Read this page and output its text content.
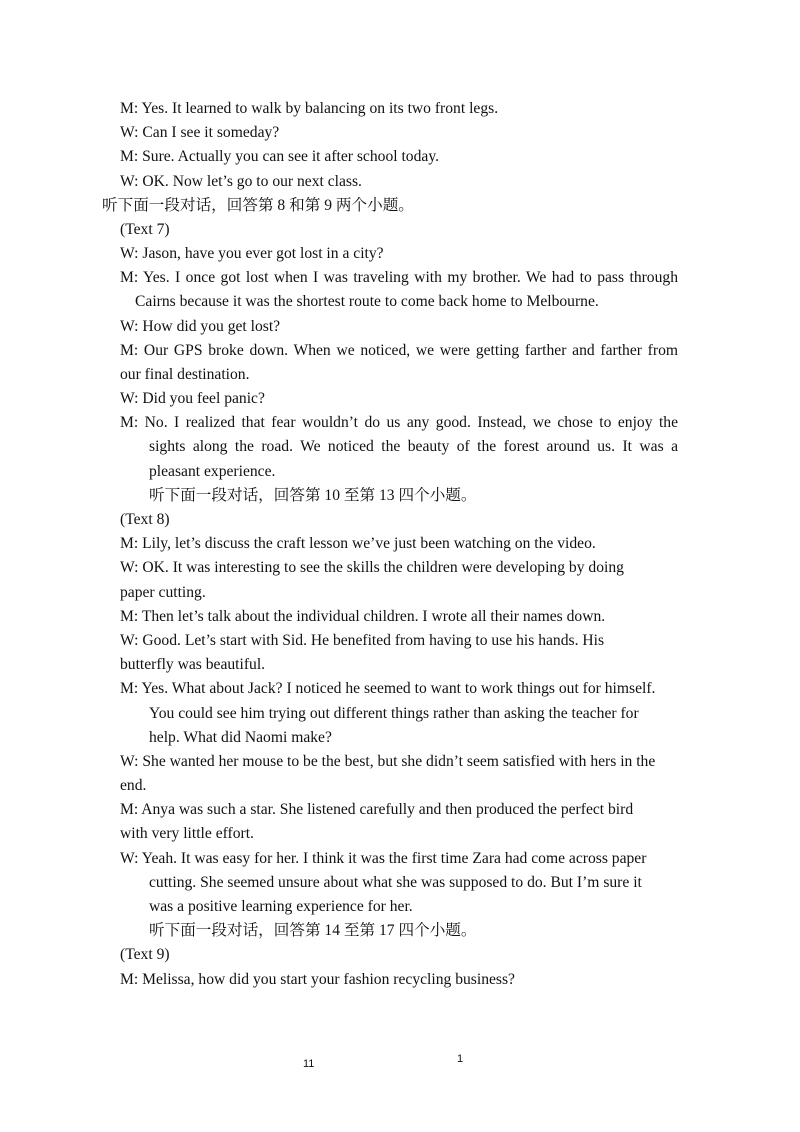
M: Yes. It learned to walk by balancing on its two front legs.
W: Can I see it someday?
M: Sure. Actually you can see it after school today.
W: OK. Now let’s go to our next class.
听下面一段对话，回答第 8 和第 9 两个小题。
(Text 7)
W: Jason, have you ever got lost in a city?
M: Yes. I once got lost when I was traveling with my brother. We had to pass through
Cairns because it was the shortest route to come back home to Melbourne.
W: How did you get lost?
M: Our GPS broke down. When we noticed, we were getting farther and farther from
our final destination.
W: Did you feel panic?
M: No. I realized that fear wouldn’t do us any good. Instead, we chose to enjoy the
sights along the road. We noticed the beauty of the forest around us. It was a
pleasant experience.
听下面一段对话，回答第 10 至第 13 四个小题。
(Text 8)
M: Lily, let’s discuss the craft lesson we’ve just been watching on the video.
W: OK. It was interesting to see the skills the children were developing by doing
paper cutting.
M: Then let’s talk about the individual children. I wrote all their names down.
W: Good. Let’s start with Sid. He benefited from having to use his hands. His
butterfly was beautiful.
M: Yes. What about Jack? I noticed he seemed to want to work things out for himself.
You could see him trying out different things rather than asking the teacher for
help. What did Naomi make?
W: She wanted her mouse to be the best, but she didn’t seem satisfied with hers in the
end.
M: Anya was such a star. She listened carefully and then produced the perfect bird
with very little effort.
W: Yeah. It was easy for her. I think it was the first time Zara had come across paper
cutting. She seemed unsure about what she was supposed to do. But I’m sure it
was a positive learning experience for her.
听下面一段对话，回答第 14 至第 17 四个小题。
(Text 9)
M: Melissa, how did you start your fashion recycling business?
11	1
